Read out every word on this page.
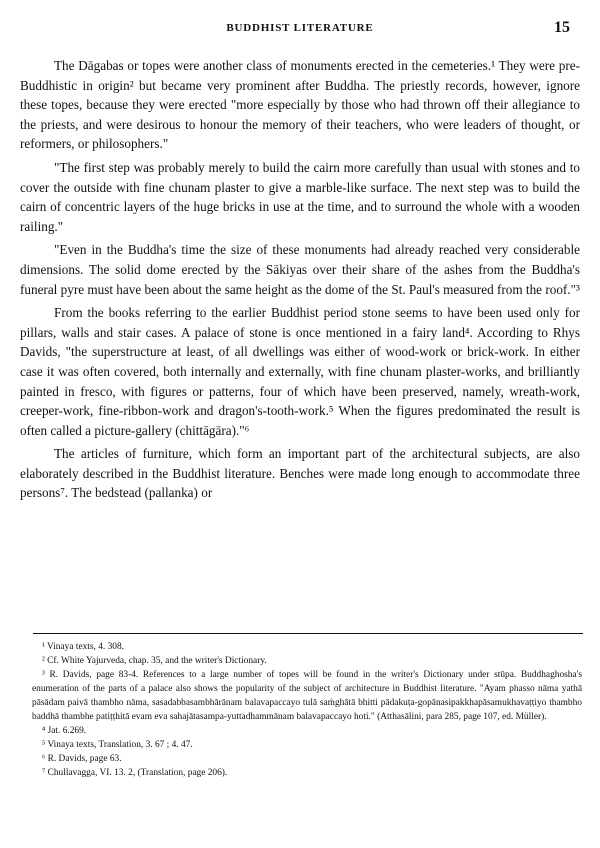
BUDDHIST LITERATURE	15

The Dāgabas or topes were another class of monuments erected in the cemeteries.¹ They were pre-Buddhistic in origin² but became very prominent after Buddha. The priestly records, however, ignore these topes, because they were erected "more especially by those who had thrown off their allegiance to the priests, and were desirous to honour the memory of their teachers, who were leaders of thought, or reformers, or philosophers."

"The first step was probably merely to build the cairn more carefully than usual with stones and to cover the outside with fine chunam plaster to give a marble-like surface. The next step was to build the cairn of concentric layers of the huge bricks in use at the time, and to surround the whole with a wooden railing."

"Even in the Buddha's time the size of these monuments had already reached very considerable dimensions. The solid dome erected by the Sākiyas over their share of the ashes from the Buddha's funeral pyre must have been about the same height as the dome of the St. Paul's measured from the roof."³

From the books referring to the earlier Buddhist period stone seems to have been used only for pillars, walls and stair cases. A palace of stone is once mentioned in a fairy land⁴. According to Rhys Davids, "the superstructure at least, of all dwellings was either of wood-work or brick-work. In either case it was often covered, both internally and externally, with fine chunam plaster-works, and brilliantly painted in fresco, with figures or patterns, four of which have been preserved, namely, wreath-work, creeper-work, fine-ribbon-work and dragon's-tooth-work.⁵ When the figures predominated the result is often called a picture-gallery (chittāgāra)."⁶

The articles of furniture, which form an important part of the architectural subjects, are also elaborately described in the Buddhist literature. Benches were made long enough to accommodate three persons⁷. The bedstead (pallanka) or

¹ Vinaya texts, 4. 308.

² Cf. White Yajurveda, chap. 35, and the writer's Dictionary.

³ R. Davids, page 83-4. References to a large number of topes will be found in the writer's Dictionary under stūpa. Buddhaghosha's enumeration of the parts of a palace also shows the popularity of the subject of architecture in Buddhist literature. "Ayam phasso nāma yathā pāsādam paivā thambho nāma, sasadabbasambhārānam balavapaccayo tulā saṁghātā bhitti pādakuṭa-gopānasipakkhapāsamukhavaṭṭiyo thambho baddhā thambhe patiṭṭhitā evam eva sahajātasampa-yuttadhammānam balavapaccayo hoti." (Atthasālini, para 285, page 107, ed. Müller).

⁴ Jat. 6.269.

⁵ Vinaya texts, Translation, 3. 67 ; 4. 47.

⁶ R. Davids, page 63.

⁷ Chullavagga, VI. 13. 2, (Translation, page 206).
